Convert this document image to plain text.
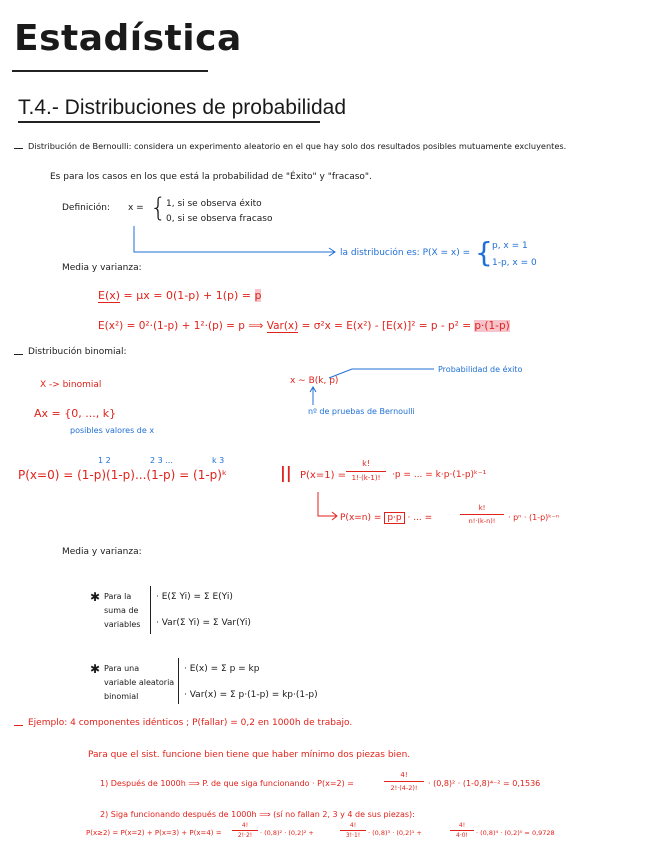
Estadística
T.4.- Distribuciones de probabilidad
Distribución de Bernoulli: considera un experimento aleatorio en el que hay solo dos resultados posibles mutuamente excluyentes.
Es para los casos en los que está la probabilidad de "Éxito" y "fracaso".
Definición: x = { 1, si se observa éxito
0, si se observa fracaso
la distribución es: P(X = x) = { p, x = 1
1-p, x = 0
Media y varianza:
E(x) = μx = 0(1-p) + 1(p) = p
E(x²) = 0²·(1-p) + 1²·(p) = p ⟹ Var(x) = σ²x = E(x²) - [E(x)]² = p - p² = p·(1-p)
Distribución binomial:
X -> binomial
Ax = {0, ..., k}
posibles valores de x
x ∼ B(k, p)
Probabilidad de éxito
nº de pruebas de Bernoulli
1 2	2 3 ...	k 3
P(x=0) = (1-p)(1-p)...(1-p) = (1-p)ᵏ	|| P(x=1) =
k!
1!·(k-1)!	·p = ... = k·p·(1-p)ᵏ⁻¹
P(x=n) = p·p · ... =
k!
n!·(k-n)!	· pⁿ · (1-p)ᵏ⁻ⁿ
Media y varianza:
✱ Para la
suma de
variables
· E(Σ Yi) = Σ E(Yi)
· Var(Σ Yi) = Σ Var(Yi)
✱ Para una
variable aleatoria
binomial
· E(x) = Σ p = kp
· Var(x) = Σ p·(1-p) = kp·(1-p)
Ejemplo: 4 componentes idénticos ; P(fallar) = 0,2 en 1000h de trabajo.
Para que el sist. funcione bien tiene que haber mínimo dos piezas bien.
1) Después de 1000h ⟹ P. de que siga funcionando · P(x=2) =
4!
2!·(4-2)!	· (0,8)² · (1-0,8)⁴⁻² = 0,1536
2) Siga funcionando después de 1000h ⟹ (sí no fallan 2, 3 y 4 de sus piezas):
P(x≥2) = P(x=2) + P(x=3) + P(x=4) =
4!
2!·2!	· (0,8)² · (0,2)² +
4!
3!·1!	· (0,8)³ · (0,2)¹ +
4!
4·0!	· (0,8)⁴ · (0,2)⁰ = 0,9728
